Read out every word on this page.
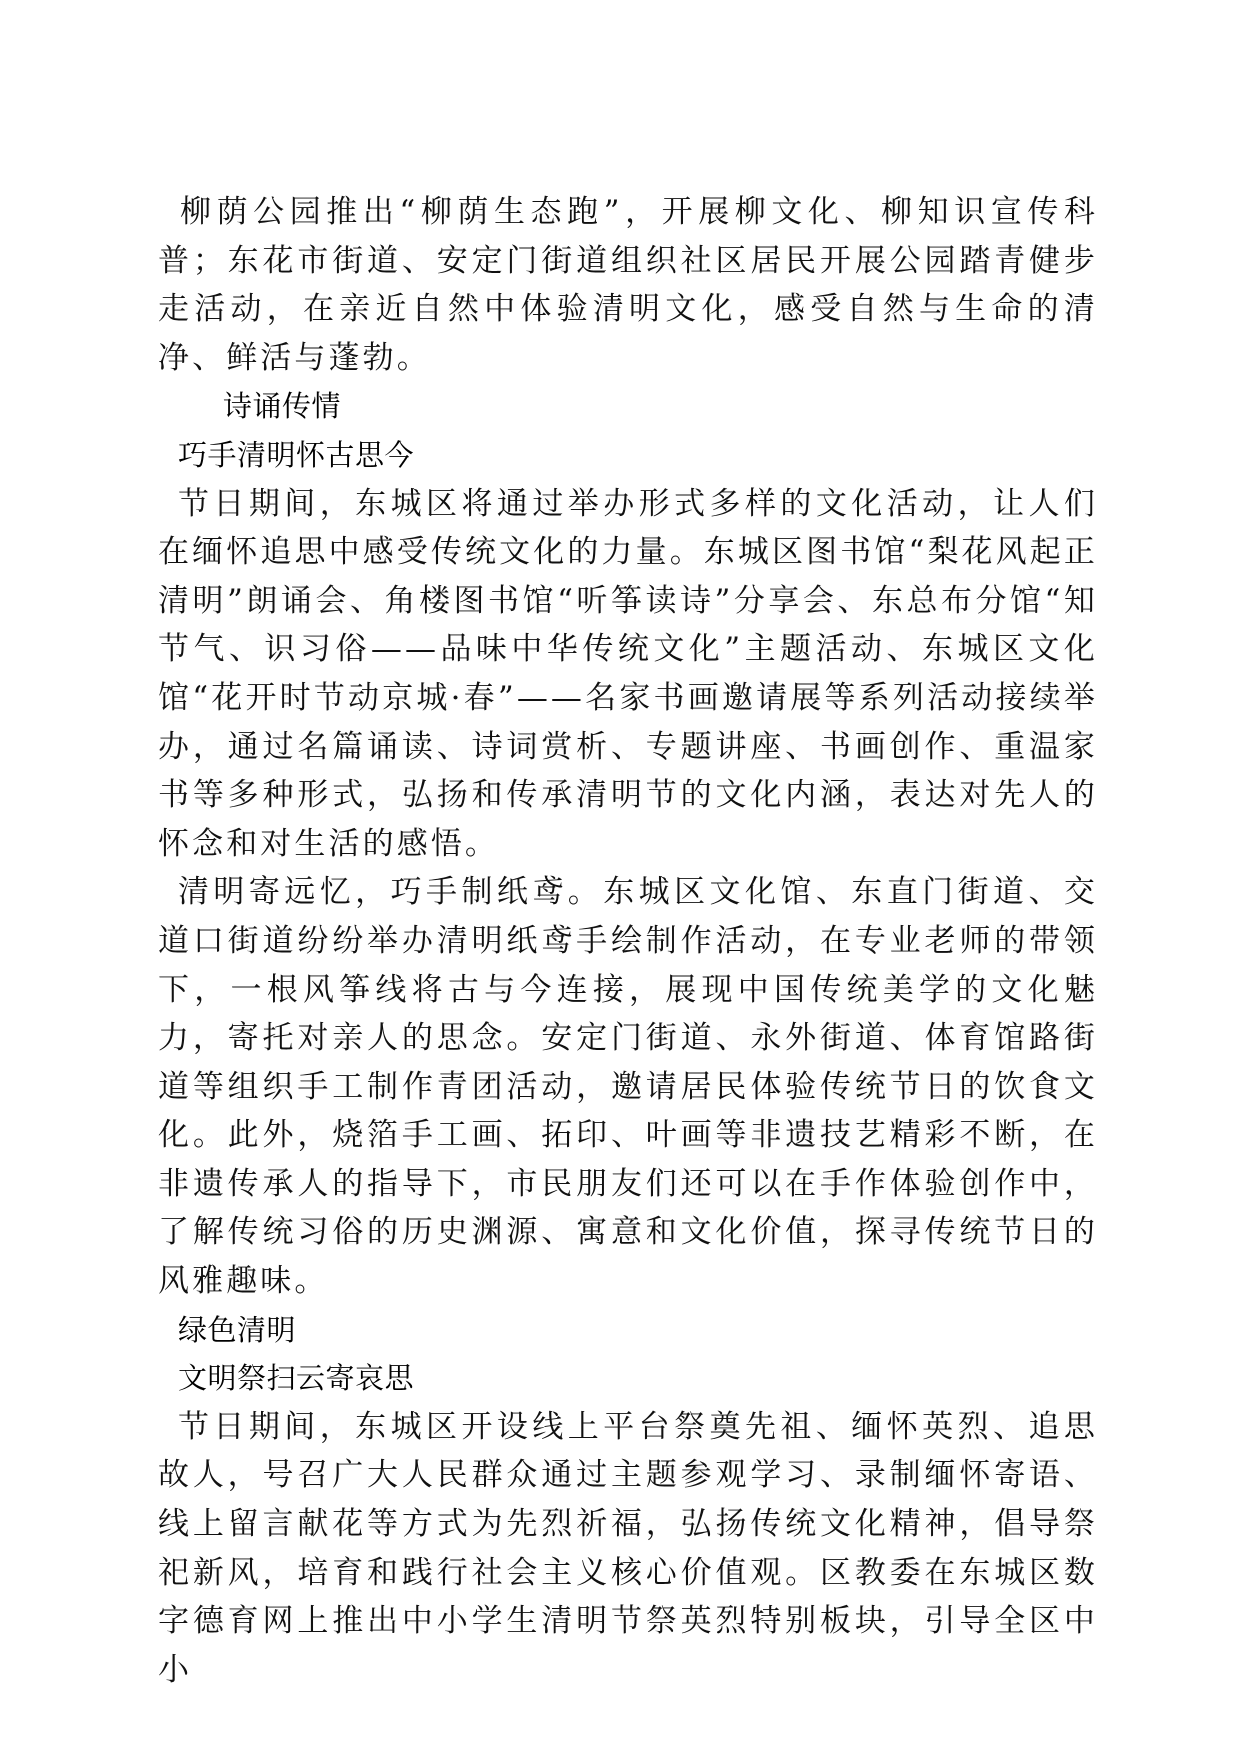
柳荫公园推出“柳荫生态跑”，开展柳文化、柳知识宣传科普；东花市街道、安定门街道组织社区居民开展公园踏青健步走活动，在亲近自然中体验清明文化，感受自然与生命的清净、鲜活与蓬勃。

诗诵传情

巧手清明怀古思今

节日期间，东城区将通过举办形式多样的文化活动，让人们在缅怀追思中感受传统文化的力量。东城区图书馆“梨花风起正清明”朗诵会、角楼图书馆“听筝读诗”分享会、东总布分馆“知节气、识习俗——品味中华传统文化”主题活动、东城区文化馆“花开时节动京城·春”——名家书画邀请展等系列活动接续举办，通过名篇诵读、诗词赏析、专题讲座、书画创作、重温家书等多种形式，弘扬和传承清明节的文化内涵，表达对先人的怀念和对生活的感悟。

清明寄远忆，巧手制纸鸢。东城区文化馆、东直门街道、交道口街道纷纷举办清明纸鸢手绘制作活动，在专业老师的带领下，一根风筝线将古与今连接，展现中国传统美学的文化魅力，寄托对亲人的思念。安定门街道、永外街道、体育馆路街道等组织手工制作青团活动，邀请居民体验传统节日的饮食文化。此外，烧箔手工画、拓印、叶画等非遗技艺精彩不断，在非遗传承人的指导下，市民朋友们还可以在手作体验创作中，了解传统习俗的历史渊源、寓意和文化价值，探寻传统节日的风雅趣味。

绿色清明

文明祭扫云寄哀思

节日期间，东城区开设线上平台祭奠先祖、缅怀英烈、追思故人，号召广大人民群众通过主题参观学习、录制缅怀寄语、线上留言献花等方式为先烈祈福，弘扬传统文化精神，倡导祭祀新风，培育和践行社会主义核心价值观。区教委在东城区数字德育网上推出中小学生清明节祭英烈特别板块，引导全区中小
